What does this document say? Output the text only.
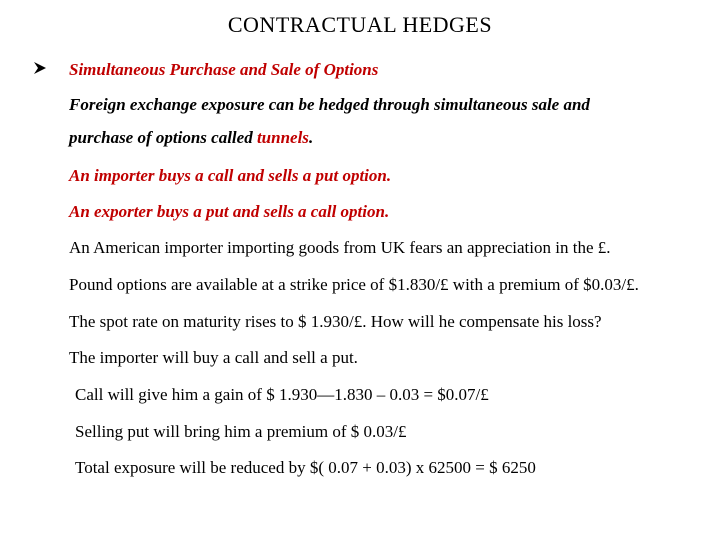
CONTRACTUAL HEDGES
Simultaneous Purchase and Sale of Options
Foreign exchange exposure can be hedged through simultaneous sale and
purchase of options called tunnels.
An importer buys a call and sells a put option.
An exporter buys a put and sells a call option.
An American importer importing goods from UK fears an appreciation in the £.
Pound options are available at a strike price of $1.830/£ with a premium of $0.03/£.
The spot rate on maturity rises to $ 1.930/£. How will he compensate his loss?
The importer will buy a call and sell a put.
Call will give him a gain of $ 1.930—1.830 – 0.03 = $0.07/£
Selling put will bring him a premium of $ 0.03/£
Total exposure will be reduced by $( 0.07 + 0.03) x 62500 = $ 6250
